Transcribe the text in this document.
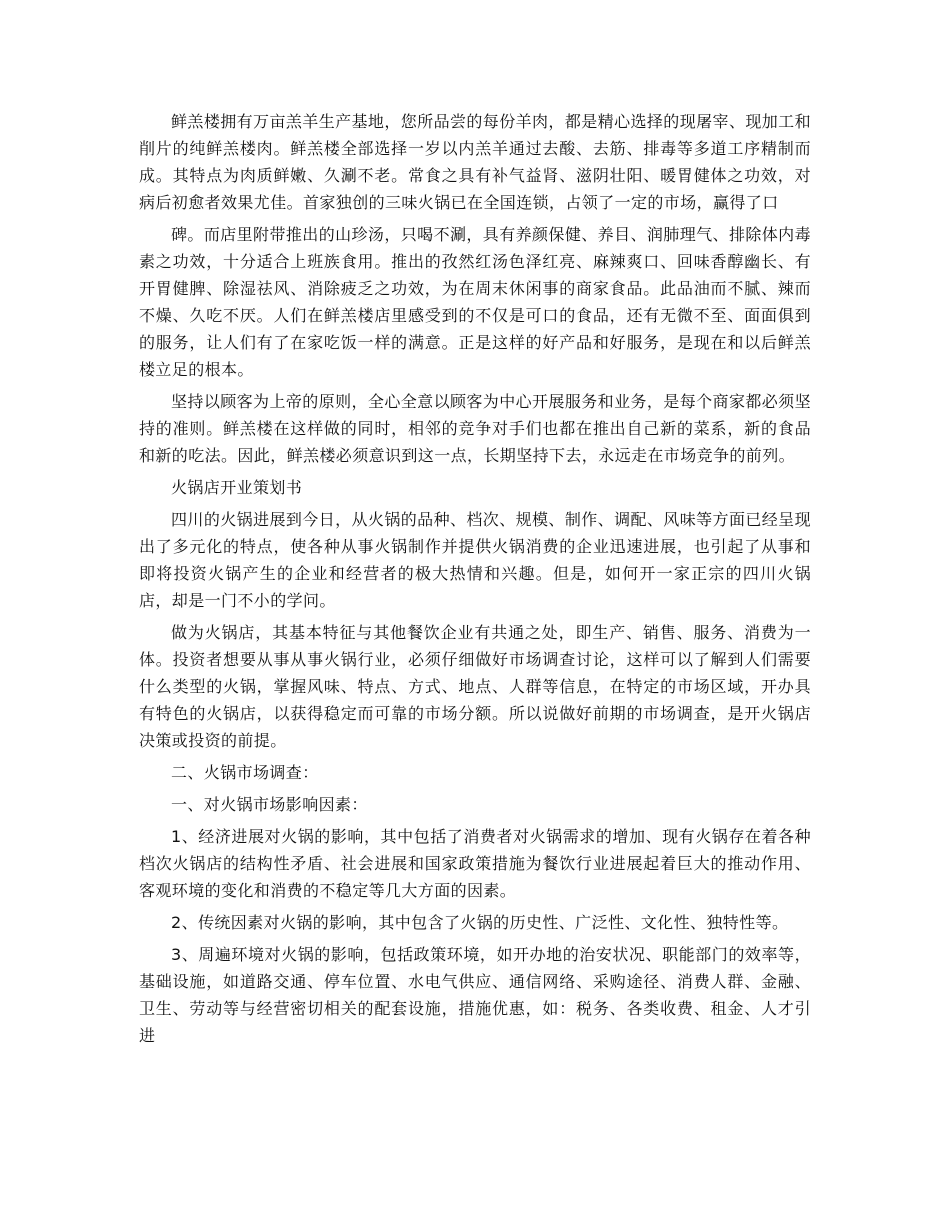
鲜羔楼拥有万亩羔羊生产基地，您所品尝的每份羊肉，都是精心选择的现屠宰、现加工和削片的纯鲜羔楼肉。鲜羔楼全部选择一岁以内羔羊通过去酸、去筋、排毒等多道工序精制而成。其特点为肉质鲜嫩、久涮不老。常食之具有补气益肾、滋阴壮阳、暖胃健体之功效，对病后初愈者效果尤佳。首家独创的三味火锅已在全国连锁，占领了一定的市场，赢得了口

碑。而店里附带推出的山珍汤，只喝不涮，具有养颜保健、养目、润肺理气、排除体内毒素之功效，十分适合上班族食用。推出的孜然红汤色泽红亮、麻辣爽口、回味香醇幽长、有开胃健脾、除湿祛风、消除疲乏之功效，为在周末休闲事的商家食品。此品油而不腻、辣而不燥、久吃不厌。人们在鲜羔楼店里感受到的不仅是可口的食品，还有无微不至、面面俱到的服务，让人们有了在家吃饭一样的满意。正是这样的好产品和好服务，是现在和以后鲜羔楼立足的根本。

坚持以顾客为上帝的原则，全心全意以顾客为中心开展服务和业务，是每个商家都必须坚持的准则。鲜羔楼在这样做的同时，相邻的竞争对手们也都在推出自己新的菜系，新的食品和新的吃法。因此，鲜羔楼必须意识到这一点，长期坚持下去，永远走在市场竞争的前列。

火锅店开业策划书

四川的火锅进展到今日，从火锅的品种、档次、规模、制作、调配、风味等方面已经呈现出了多元化的特点，使各种从事火锅制作并提供火锅消费的企业迅速进展，也引起了从事和即将投资火锅产生的企业和经营者的极大热情和兴趣。但是，如何开一家正宗的四川火锅店，却是一门不小的学问。

做为火锅店，其基本特征与其他餐饮企业有共通之处，即生产、销售、服务、消费为一体。投资者想要从事从事火锅行业，必须仔细做好市场调查讨论，这样可以了解到人们需要什么类型的火锅，掌握风味、特点、方式、地点、人群等信息，在特定的市场区域，开办具有特色的火锅店，以获得稳定而可靠的市场分额。所以说做好前期的市场调查，是开火锅店决策或投资的前提。

二、火锅市场调查：

一、对火锅市场影响因素：

1、经济进展对火锅的影响，其中包括了消费者对火锅需求的增加、现有火锅存在着各种档次火锅店的结构性矛盾、社会进展和国家政策措施为餐饮行业进展起着巨大的推动作用、客观环境的变化和消费的不稳定等几大方面的因素。

2、传统因素对火锅的影响，其中包含了火锅的历史性、广泛性、文化性、独特性等。

3、周遍环境对火锅的影响，包括政策环境，如开办地的治安状况、职能部门的效率等，基础设施，如道路交通、停车位置、水电气供应、通信网络、采购途径、消费人群、金融、卫生、劳动等与经营密切相关的配套设施，措施优惠，如：税务、各类收费、租金、人才引进
